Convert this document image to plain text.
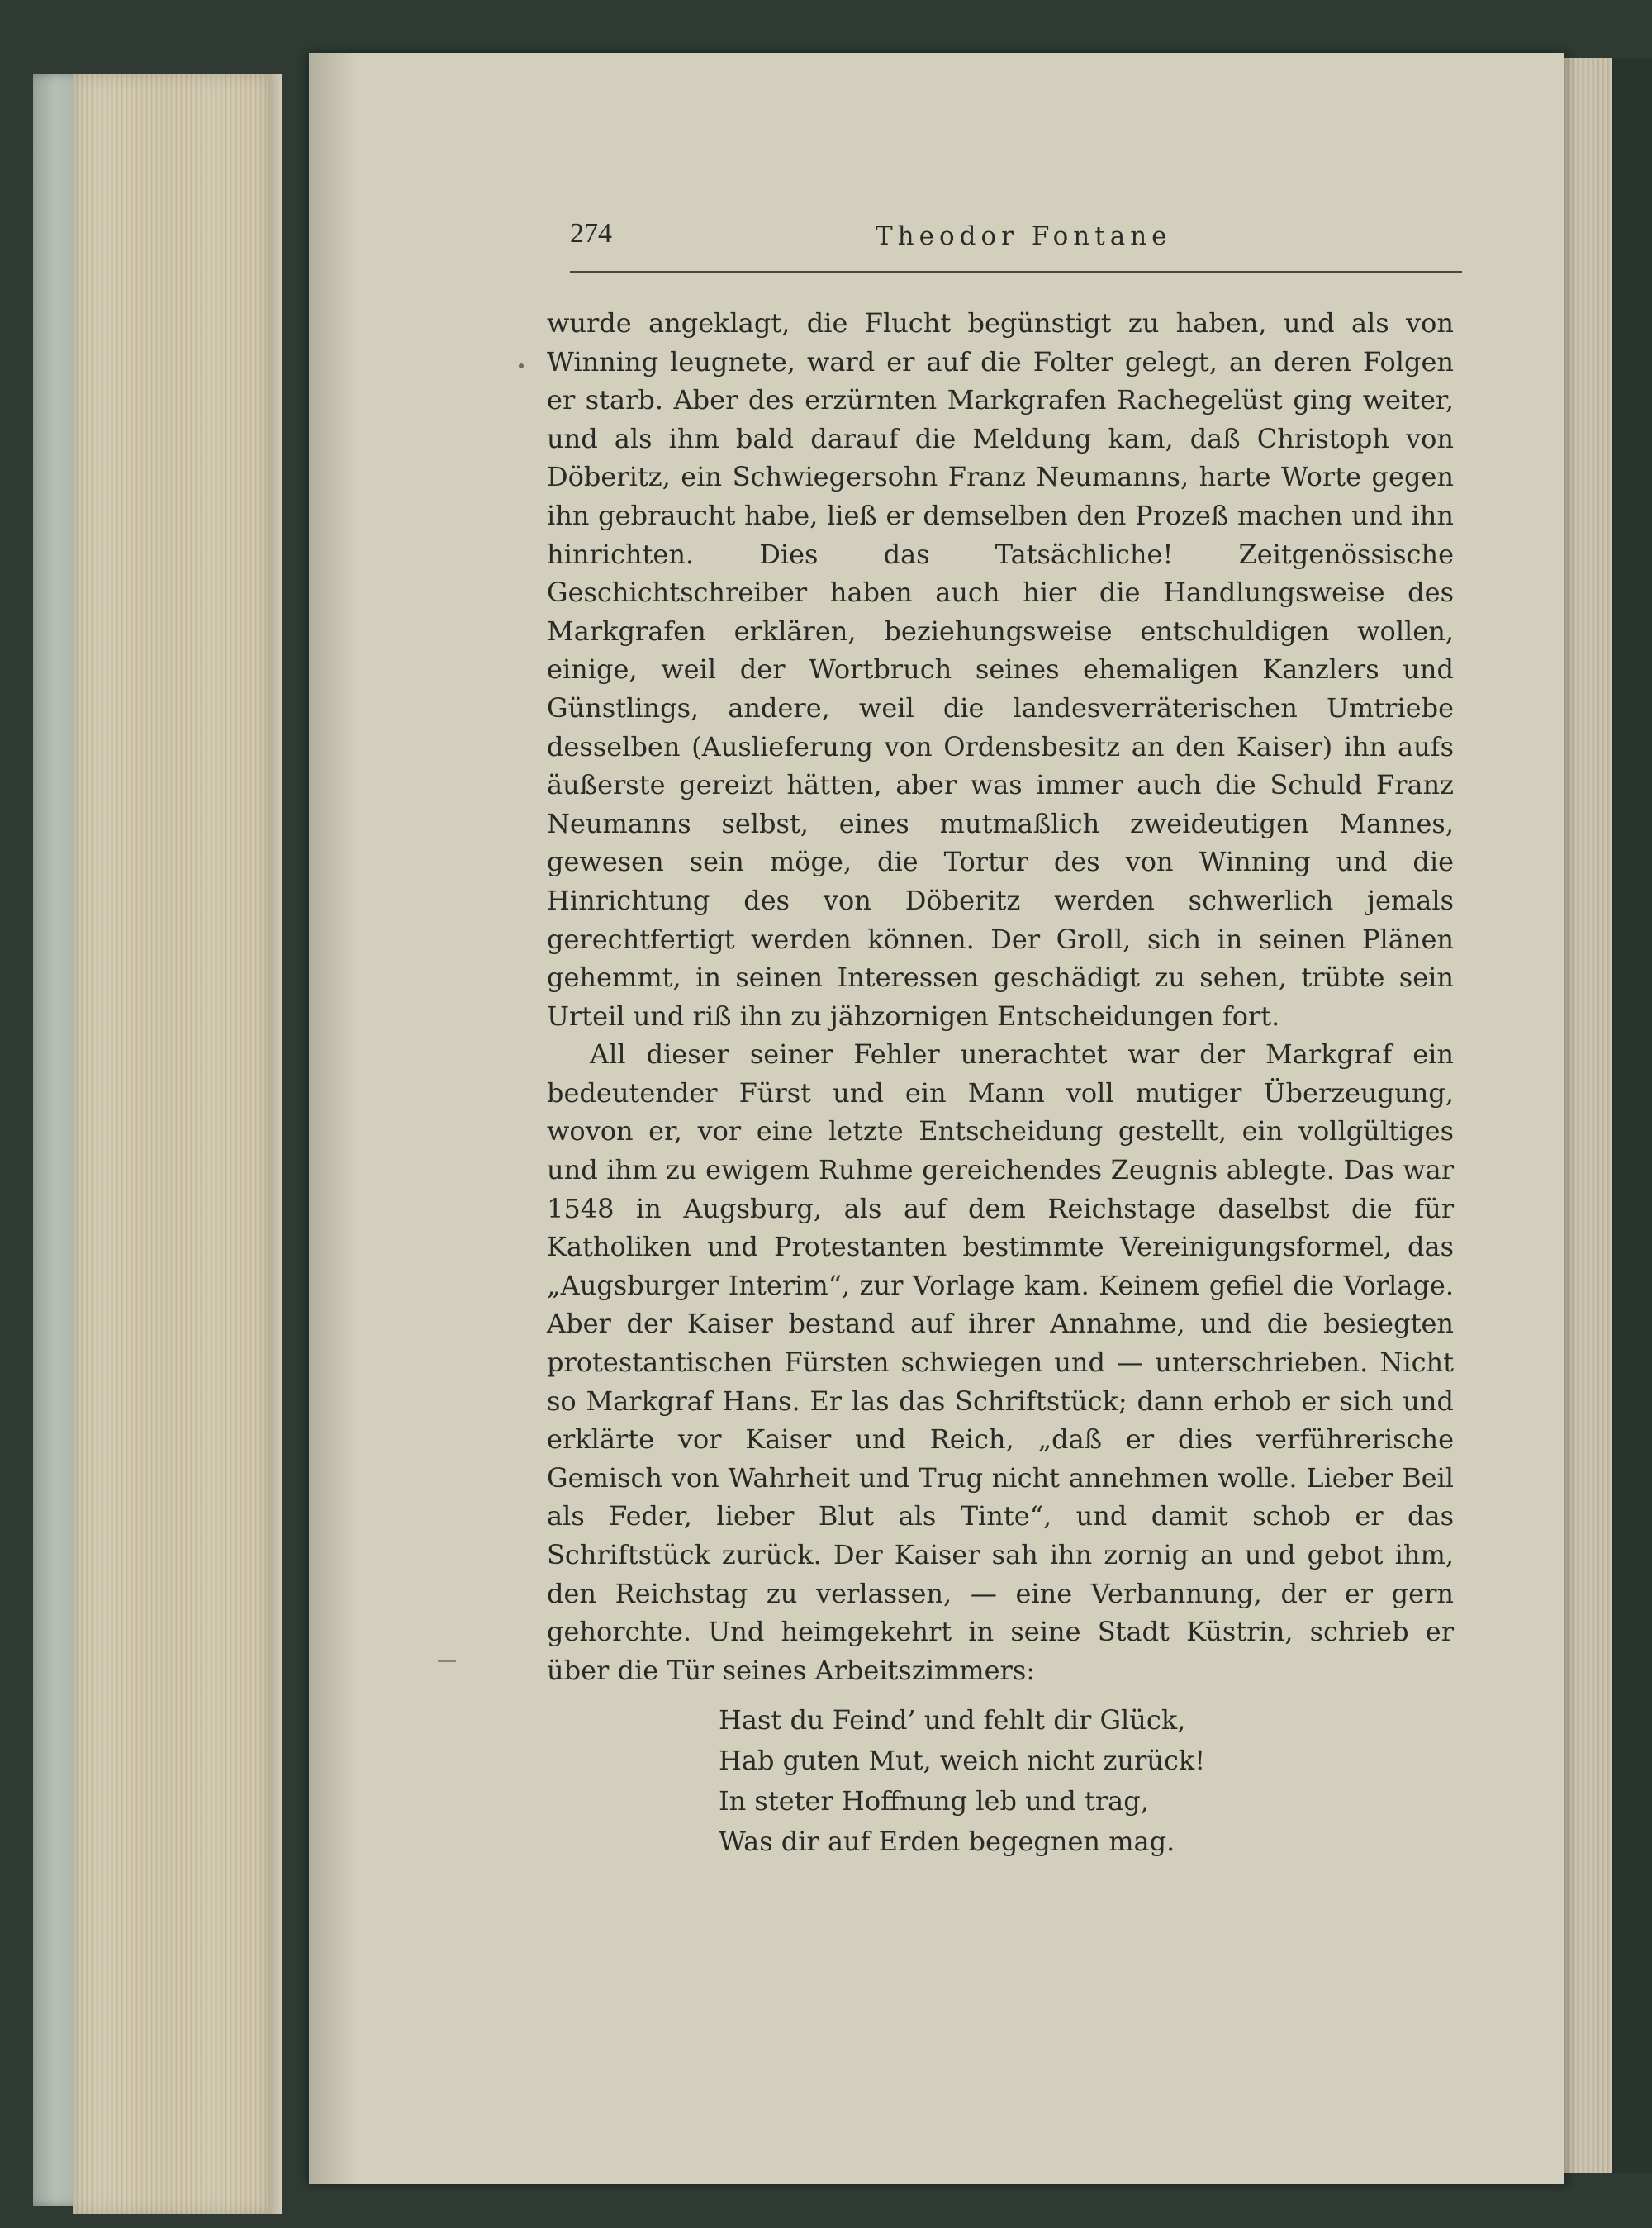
274	Theodor Fontane

wurde angeklagt, die Flucht begünstigt zu haben, und als von Winning leugnete, ward er auf die Folter gelegt, an deren Folgen er starb. Aber des erzürnten Markgrafen Rachegelüst ging weiter, und als ihm bald darauf die Meldung kam, daß Christoph von Döberitz, ein Schwiegersohn Franz Neumanns, harte Worte gegen ihn gebraucht habe, ließ er demselben den Prozeß machen und ihn hinrichten. Dies das Tatsächliche! Zeitgenössische Geschichtschreiber haben auch hier die Handlungsweise des Markgrafen erklären, beziehungsweise entschuldigen wollen, einige, weil der Wortbruch seines ehemaligen Kanzlers und Günstlings, andere, weil die landesverräterischen Umtriebe desselben (Auslieferung von Ordensbesitz an den Kaiser) ihn aufs äußerste gereizt hätten, aber was immer auch die Schuld Franz Neumanns selbst, eines mutmaßlich zweideutigen Mannes, gewesen sein möge, die Tortur des von Winning und die Hinrichtung des von Döberitz werden schwerlich jemals gerechtfertigt werden können. Der Groll, sich in seinen Plänen gehemmt, in seinen Interessen geschädigt zu sehen, trübte sein Urteil und riß ihn zu jähzornigen Entscheidungen fort.

All dieser seiner Fehler unerachtet war der Markgraf ein bedeutender Fürst und ein Mann voll mutiger Überzeugung, wovon er, vor eine letzte Entscheidung gestellt, ein vollgültiges und ihm zu ewigem Ruhme gereichendes Zeugnis ablegte. Das war 1548 in Augsburg, als auf dem Reichstage daselbst die für Katholiken und Protestanten bestimmte Vereinigungsformel, das „Augsburger Interim“, zur Vorlage kam. Keinem gefiel die Vorlage. Aber der Kaiser bestand auf ihrer Annahme, und die besiegten protestantischen Fürsten schwiegen und — unterschrieben. Nicht so Markgraf Hans. Er las das Schriftstück; dann erhob er sich und erklärte vor Kaiser und Reich, „daß er dies verführerische Gemisch von Wahrheit und Trug nicht annehmen wolle. Lieber Beil als Feder, lieber Blut als Tinte“, und damit schob er das Schriftstück zurück. Der Kaiser sah ihn zornig an und gebot ihm, den Reichstag zu verlassen, — eine Verbannung, der er gern gehorchte. Und heimgekehrt in seine Stadt Küstrin, schrieb er über die Tür seines Arbeitszimmers:

Hast du Feind’ und fehlt dir Glück,
Hab guten Mut, weich nicht zurück!
In steter Hoffnung leb und trag,
Was dir auf Erden begegnen mag.
